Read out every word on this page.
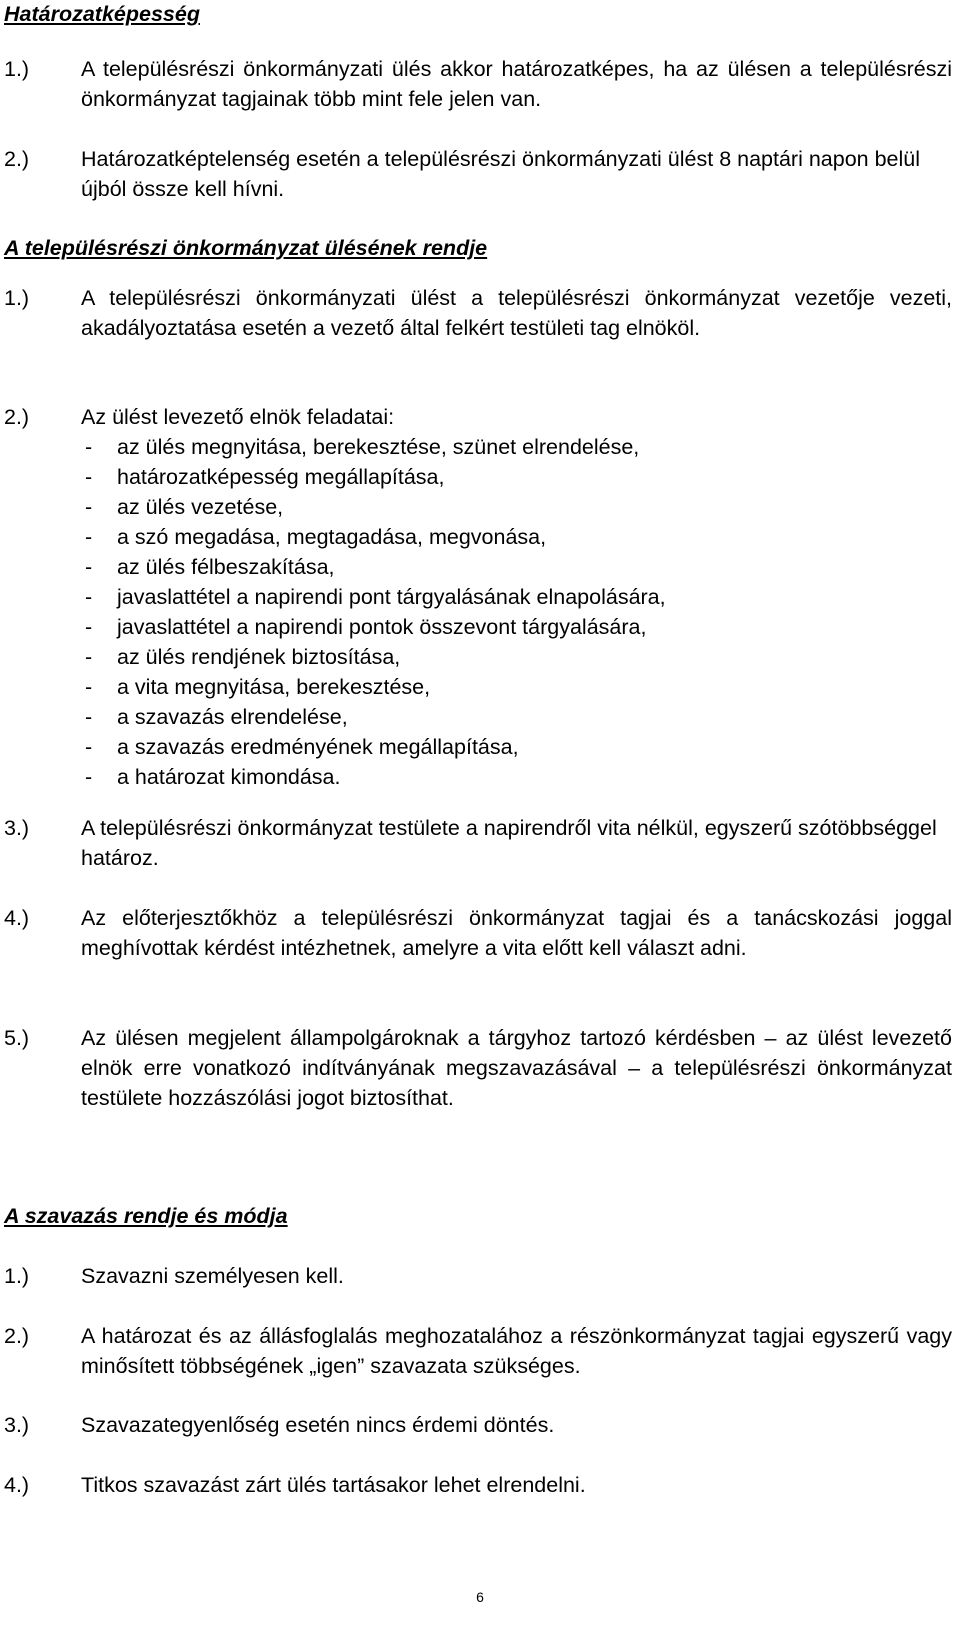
Határozatképesség
1.)	A településrészi önkormányzati ülés akkor határozatképes, ha az ülésen a településrészi önkormányzat tagjainak több mint fele jelen van.
2.)	Határozatképtelenség esetén a településrészi önkormányzati ülést 8 naptári napon belül újból össze kell hívni.
A településrészi önkormányzat ülésének rendje
1.)	A településrészi önkormányzati ülést a településrészi önkormányzat vezetője vezeti, akadályoztatása esetén a vezető által felkért testületi tag elnököl.
2.)	Az ülést levezető elnök feladatai:
- az ülés megnyitása, berekesztése, szünet elrendelése,
- határozatképesség megállapítása,
- az ülés vezetése,
- a szó megadása, megtagadása, megvonása,
- az ülés félbeszakítása,
- javaslattétel a napirendi pont tárgyalásának elnapolására,
- javaslattétel a napirendi pontok összevont tárgyalására,
- az ülés rendjének biztosítása,
- a vita megnyitása, berekesztése,
- a szavazás elrendelése,
- a szavazás eredményének megállapítása,
- a határozat kimondása.
3.)	A településrészi önkormányzat testülete a napirendről vita nélkül, egyszerű szótöbbséggel határoz.
4.)	Az előterjesztőkhöz a településrészi önkormányzat tagjai és a tanácskozási joggal meghívottak kérdést intézhetnek, amelyre a vita előtt kell választ adni.
5.)	Az ülésen megjelent állampolgároknak a tárgyhoz tartozó kérdésben – az ülést levezető elnök erre vonatkozó indítványának megszavazásával – a településrészi önkormányzat testülete hozzászólási jogot biztosíthat.
A szavazás rendje és módja
1.)	Szavazni személyesen kell.
2.)	A határozat és az állásfoglalás meghozatalához a részönkormányzat tagjai egyszerű vagy minősített többségének „igen” szavazata szükséges.
3.)	Szavazategyenlőség esetén nincs érdemi döntés.
4.)	Titkos szavazást zárt ülés tartásakor lehet elrendelni.
6
